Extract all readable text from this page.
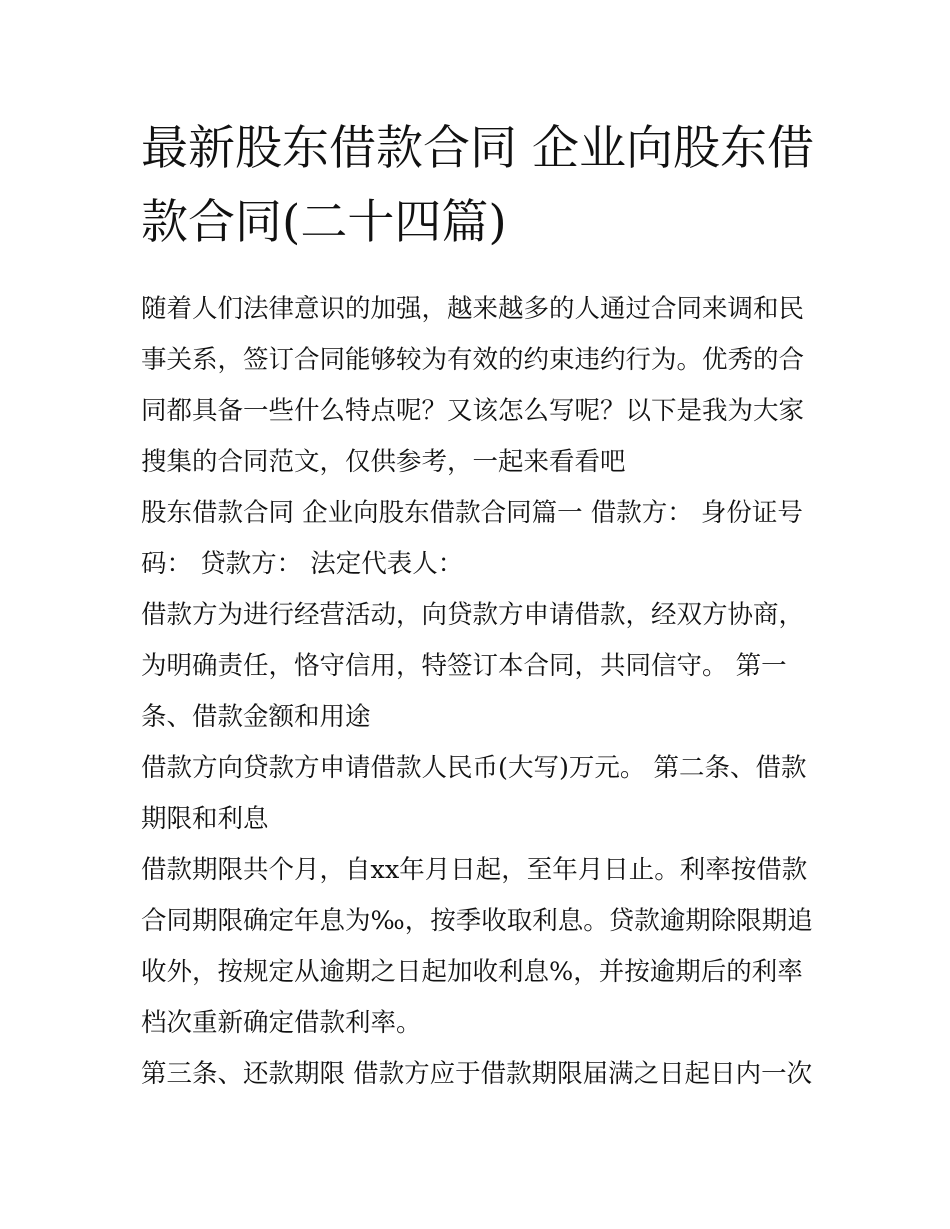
最新股东借款合同 企业向股东借款合同(二十四篇)

随着人们法律意识的加强，越来越多的人通过合同来调和民事关系，签订合同能够较为有效的约束违约行为。优秀的合同都具备一些什么特点呢？又该怎么写呢？以下是我为大家搜集的合同范文，仅供参考，一起来看看吧

股东借款合同 企业向股东借款合同篇一 借款方： 身份证号码： 贷款方： 法定代表人：

借款方为进行经营活动，向贷款方申请借款，经双方协商，为明确责任，恪守信用，特签订本合同，共同信守。 第一条、借款金额和用途

借款方向贷款方申请借款人民币(大写)万元。 第二条、借款期限和利息

借款期限共个月，自xx年月日起，至年月日止。利率按借款合同期限确定年息为‰，按季收取利息。贷款逾期除限期追收外，按规定从逾期之日起加收利息%，并按逾期后的利率档次重新确定借款利率。

第三条、还款期限 借款方应于借款期限届满之日起日内一次
